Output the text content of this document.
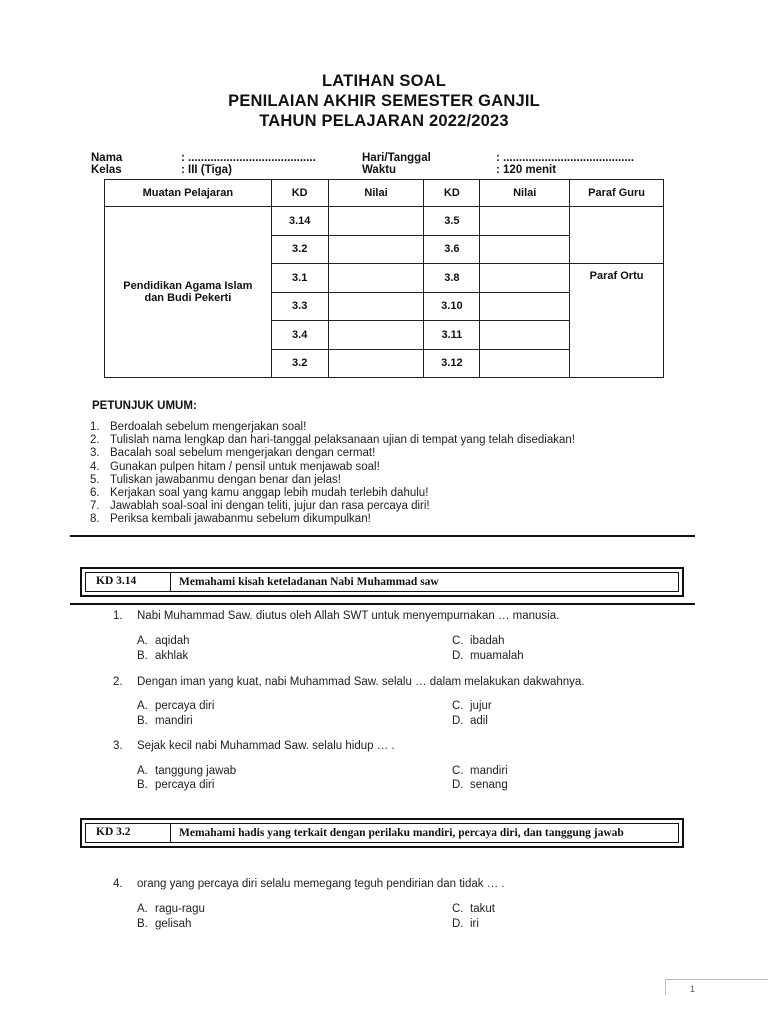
LATIHAN SOAL
PENILAIAN AKHIR SEMESTER GANJIL
TAHUN PELAJARAN 2022/2023
Nama	: ........................................
Kelas	: III (Tiga)
Hari/Tanggal	: .........................................
Waktu	: 120 menit
Muatan Pelajaran	KD	Nilai	KD	Nilai	Paraf Guru
Pendidikan Agama Islam dan Budi Pekerti	3.14		3.5		
	3.2		3.6		
	3.1		3.8		Paraf Ortu
	3.3		3.10		
	3.4		3.11		
	3.2		3.12		
PETUNJUK UMUM:
1. Berdoalah sebelum mengerjakan soal!
2. Tulislah nama lengkap dan hari-tanggal pelaksanaan ujian di tempat yang telah disediakan!
3. Bacalah soal sebelum mengerjakan dengan cermat!
4. Gunakan pulpen hitam / pensil untuk menjawab soal!
5. Tuliskan jawabanmu dengan benar dan jelas!
6. Kerjakan soal yang kamu anggap lebih mudah terlebih dahulu!
7. Jawablah soal-soal ini dengan teliti, jujur dan rasa percaya diri!
8. Periksa kembali jawabanmu sebelum dikumpulkan!
KD 3.14	Memahami kisah keteladanan Nabi Muhammad saw
1. Nabi Muhammad Saw. diutus oleh Allah SWT untuk menyempurnakan … manusia.
A. aqidah
B. akhlak
C. ibadah
D. muamalah
2. Dengan iman yang kuat, nabi Muhammad Saw. selalu … dalam melakukan dakwahnya.
A. percaya diri
B. mandiri
C. jujur
D. adil
3. Sejak kecil nabi Muhammad Saw. selalu hidup … .
A. tanggung jawab
B. percaya diri
C. mandiri
D. senang
KD 3.2	Memahami hadis yang terkait dengan perilaku mandiri, percaya diri, dan tanggung jawab
4. orang yang percaya diri selalu memegang teguh pendirian dan tidak … .
A. ragu-ragu
B. gelisah
C. takut
D. iri
1
